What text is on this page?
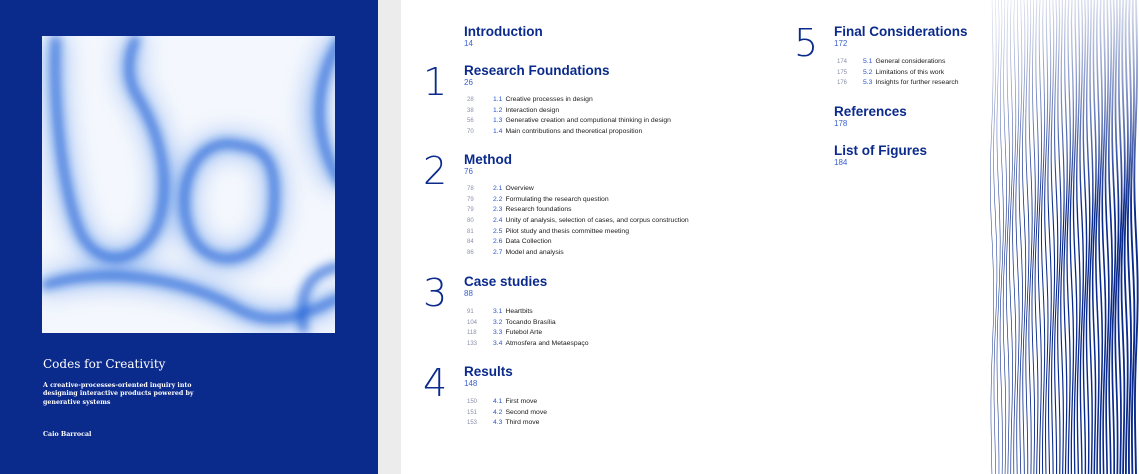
Codes for Creativity
A creative-processes-oriented inquiry into designing interactive products powered by generative systems
Caio Barrocal
Introduction
14
1 Research Foundations
26
28	1.1 Creative processes in design
38	1.2 Interaction design
56	1.3 Generative creation and computional thinking in design
70	1.4 Main contributions and theoretical proposition
2 Method
76
78	2.1 Overview
79	2.2 Formulating the research question
79	2.3 Research foundations
80	2.4 Unity of analysis, selection of cases, and corpus construction
81	2.5 Pilot study and thesis committee meeting
84	2.6 Data Collection
86	2.7 Model and analysis
3 Case studies
88
91	3.1 Heartbits
104 3.2 Tocando Brasília
118 3.3 Futebol Arte
133 3.4 Atmosfera and Metaespaço
4 Results
148
150 4.1 First move
151 4.2 Second move
153 4.3 Third move
5 Final Considerations
172
174 5.1 General considerations
175 5.2 Limitations of this work
176 5.3 Insights for further research
References
178
List of Figures
184
